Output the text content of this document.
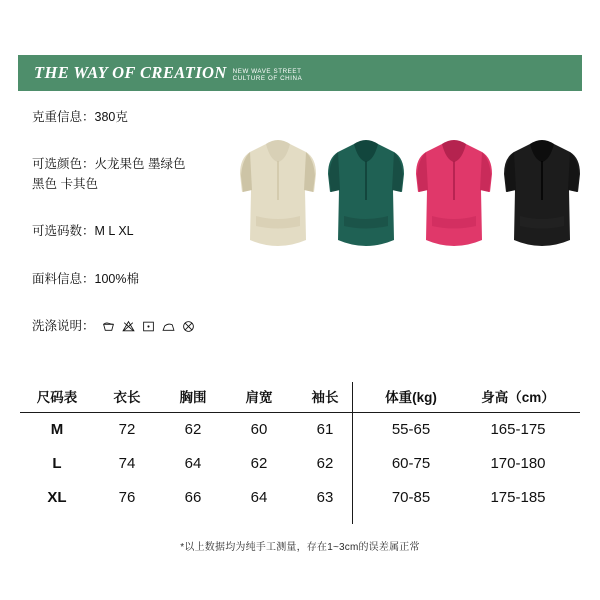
THE WAY OF CREATION NEW WAVE STREET
CULTURE OF CHINA
克重信息：380克
可选颜色：火龙果色 墨绿色
黑色 卡其色
可选码数：M L XL
面料信息：100%棉
洗涤说明：
尺码表	衣长	胸围	肩宽	袖长	体重(kg)	身高（cm）
M	72	62	60	61	55-65	165-175
L	74	64	62	62	60-75	170-180
XL	76	66	64	63	70-85	175-185
*以上数据均为纯手工测量，存在1~3cm的误差属正常
